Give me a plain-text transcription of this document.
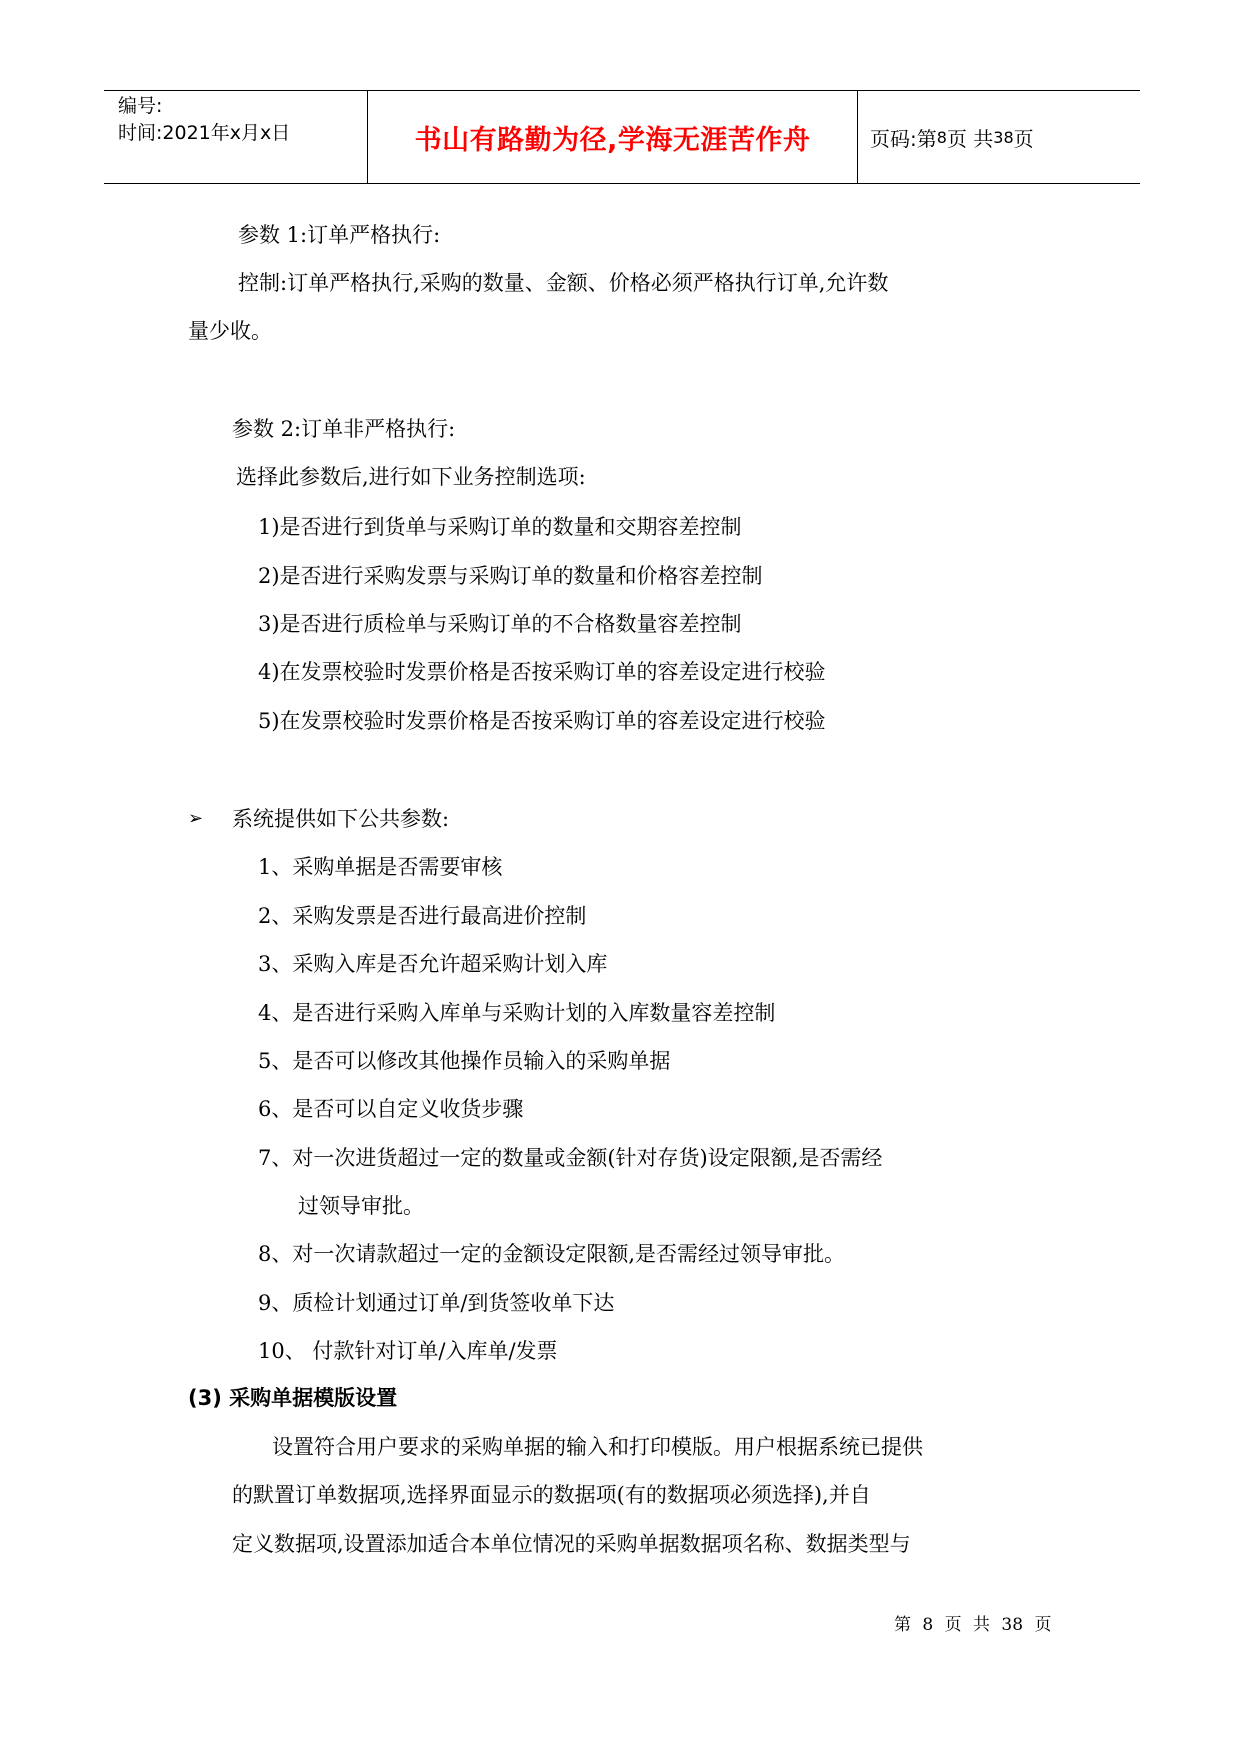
编号:
时间:2021年x月x日	书山有路勤为径,学海无涯苦作舟	页码:第 8 页 共 38 页
参数 1:订单严格执行:
控制:订单严格执行,采购的数量、金额、价格必须严格执行订单,允许数
量少收。
参数 2:订单非严格执行:
选择此参数后,进行如下业务控制选项:
1)是否进行到货单与采购订单的数量和交期容差控制
2)是否进行采购发票与采购订单的数量和价格容差控制
3)是否进行质检单与采购订单的不合格数量容差控制
4)在发票校验时发票价格是否按采购订单的容差设定进行校验
5)在发票校验时发票价格是否按采购订单的容差设定进行校验
➢ 系统提供如下公共参数:
1、采购单据是否需要审核
2、采购发票是否进行最高进价控制
3、采购入库是否允许超采购计划入库
4、是否进行采购入库单与采购计划的入库数量容差控制
5、是否可以修改其他操作员输入的采购单据
6、是否可以自定义收货步骤
7、对一次进货超过一定的数量或金额(针对存货)设定限额,是否需经
过领导审批。
8、对一次请款超过一定的金额设定限额,是否需经过领导审批。
9、质检计划通过订单/到货签收单下达
10、 付款针对订单/入库单/发票
(3) 采购单据模版设置
设置符合用户要求的采购单据的输入和打印模版。用户根据系统已提供
的默置订单数据项,选择界面显示的数据项(有的数据项必须选择),并自
定义数据项,设置添加适合本单位情况的采购单据数据项名称、数据类型与
第 8 页 共 38 页
